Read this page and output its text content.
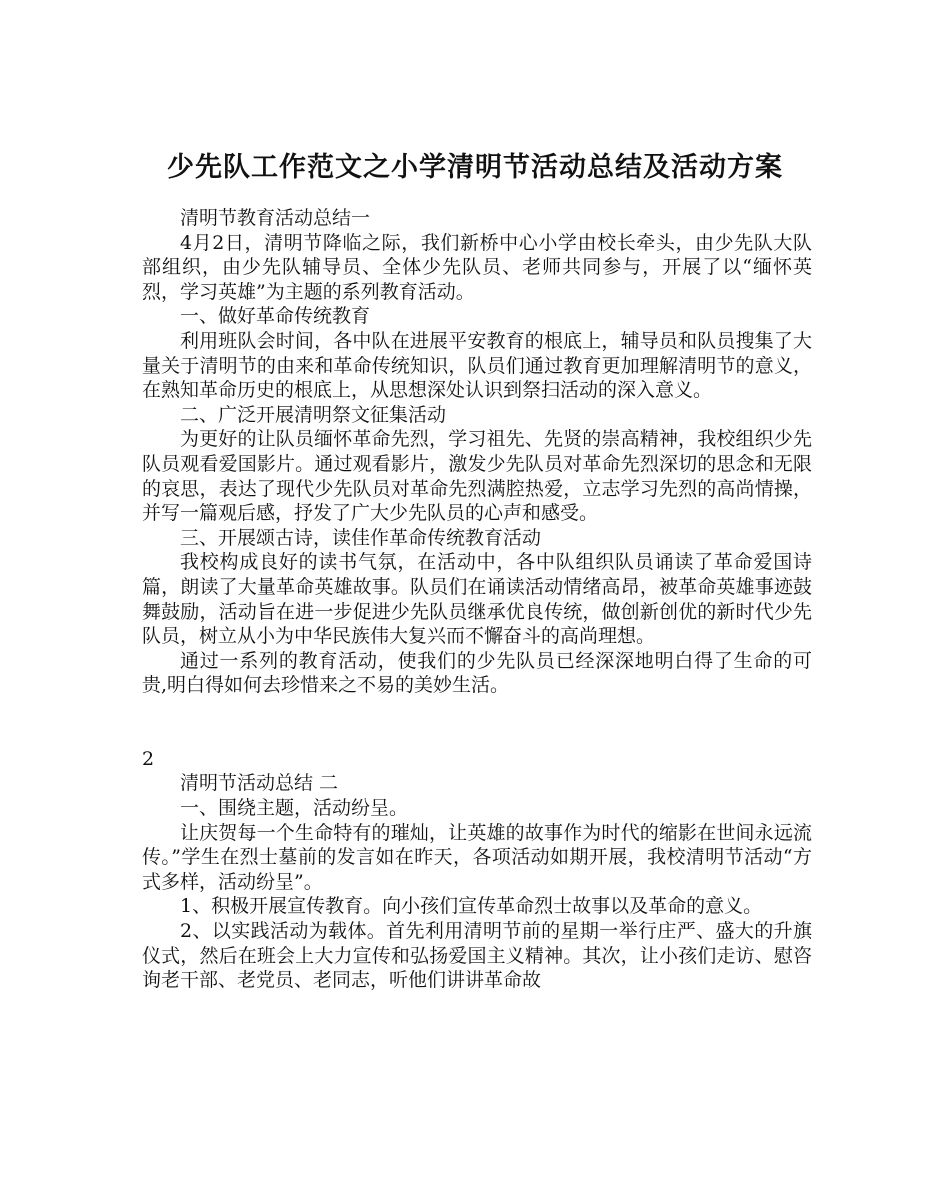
少先队工作范文之小学清明节活动总结及活动方案

清明节教育活动总结一

4月2日，清明节降临之际，我们新桥中心小学由校长牵头，由少先队大队部组织，由少先队辅导员、全体少先队员、老师共同参与，开展了以“缅怀英烈，学习英雄”为主题的系列教育活动。

一、做好革命传统教育

利用班队会时间，各中队在进展平安教育的根底上，辅导员和队员搜集了大量关于清明节的由来和革命传统知识，队员们通过教育更加理解清明节的意义，在熟知革命历史的根底上，从思想深处认识到祭扫活动的深入意义。

二、广泛开展清明祭文征集活动

为更好的让队员缅怀革命先烈，学习祖先、先贤的崇高精神，我校组织少先队员观看爱国影片。通过观看影片，激发少先队员对革命先烈深切的思念和无限的哀思，表达了现代少先队员对革命先烈满腔热爱，立志学习先烈的高尚情操，并写一篇观后感，抒发了广大少先队员的心声和感受。

三、开展颂古诗，读佳作革命传统教育活动

我校构成良好的读书气氛，在活动中，各中队组织队员诵读了革命爱国诗篇，朗读了大量革命英雄故事。队员们在诵读活动情绪高昂，被革命英雄事迹鼓舞鼓励，活动旨在进一步促进少先队员继承优良传统，做创新创优的新时代少先队员，树立从小为中华民族伟大复兴而不懈奋斗的高尚理想。

通过一系列的教育活动，使我们的少先队员已经深深地明白得了生命的可贵,明白得如何去珍惜来之不易的美妙生活。

2

清明节活动总结 二

一、围绕主题，活动纷呈。

让庆贺每一个生命特有的璀灿，让英雄的故事作为时代的缩影在世间永远流传。”学生在烈士墓前的发言如在昨天，各项活动如期开展，我校清明节活动“方式多样，活动纷呈”。

1、积极开展宣传教育。向小孩们宣传革命烈士故事以及革命的意义。

2、以实践活动为载体。首先利用清明节前的星期一举行庄严、盛大的升旗仪式，然后在班会上大力宣传和弘扬爱国主义精神。其次，让小孩们走访、慰咨询老干部、老党员、老同志，听他们讲讲革命故
